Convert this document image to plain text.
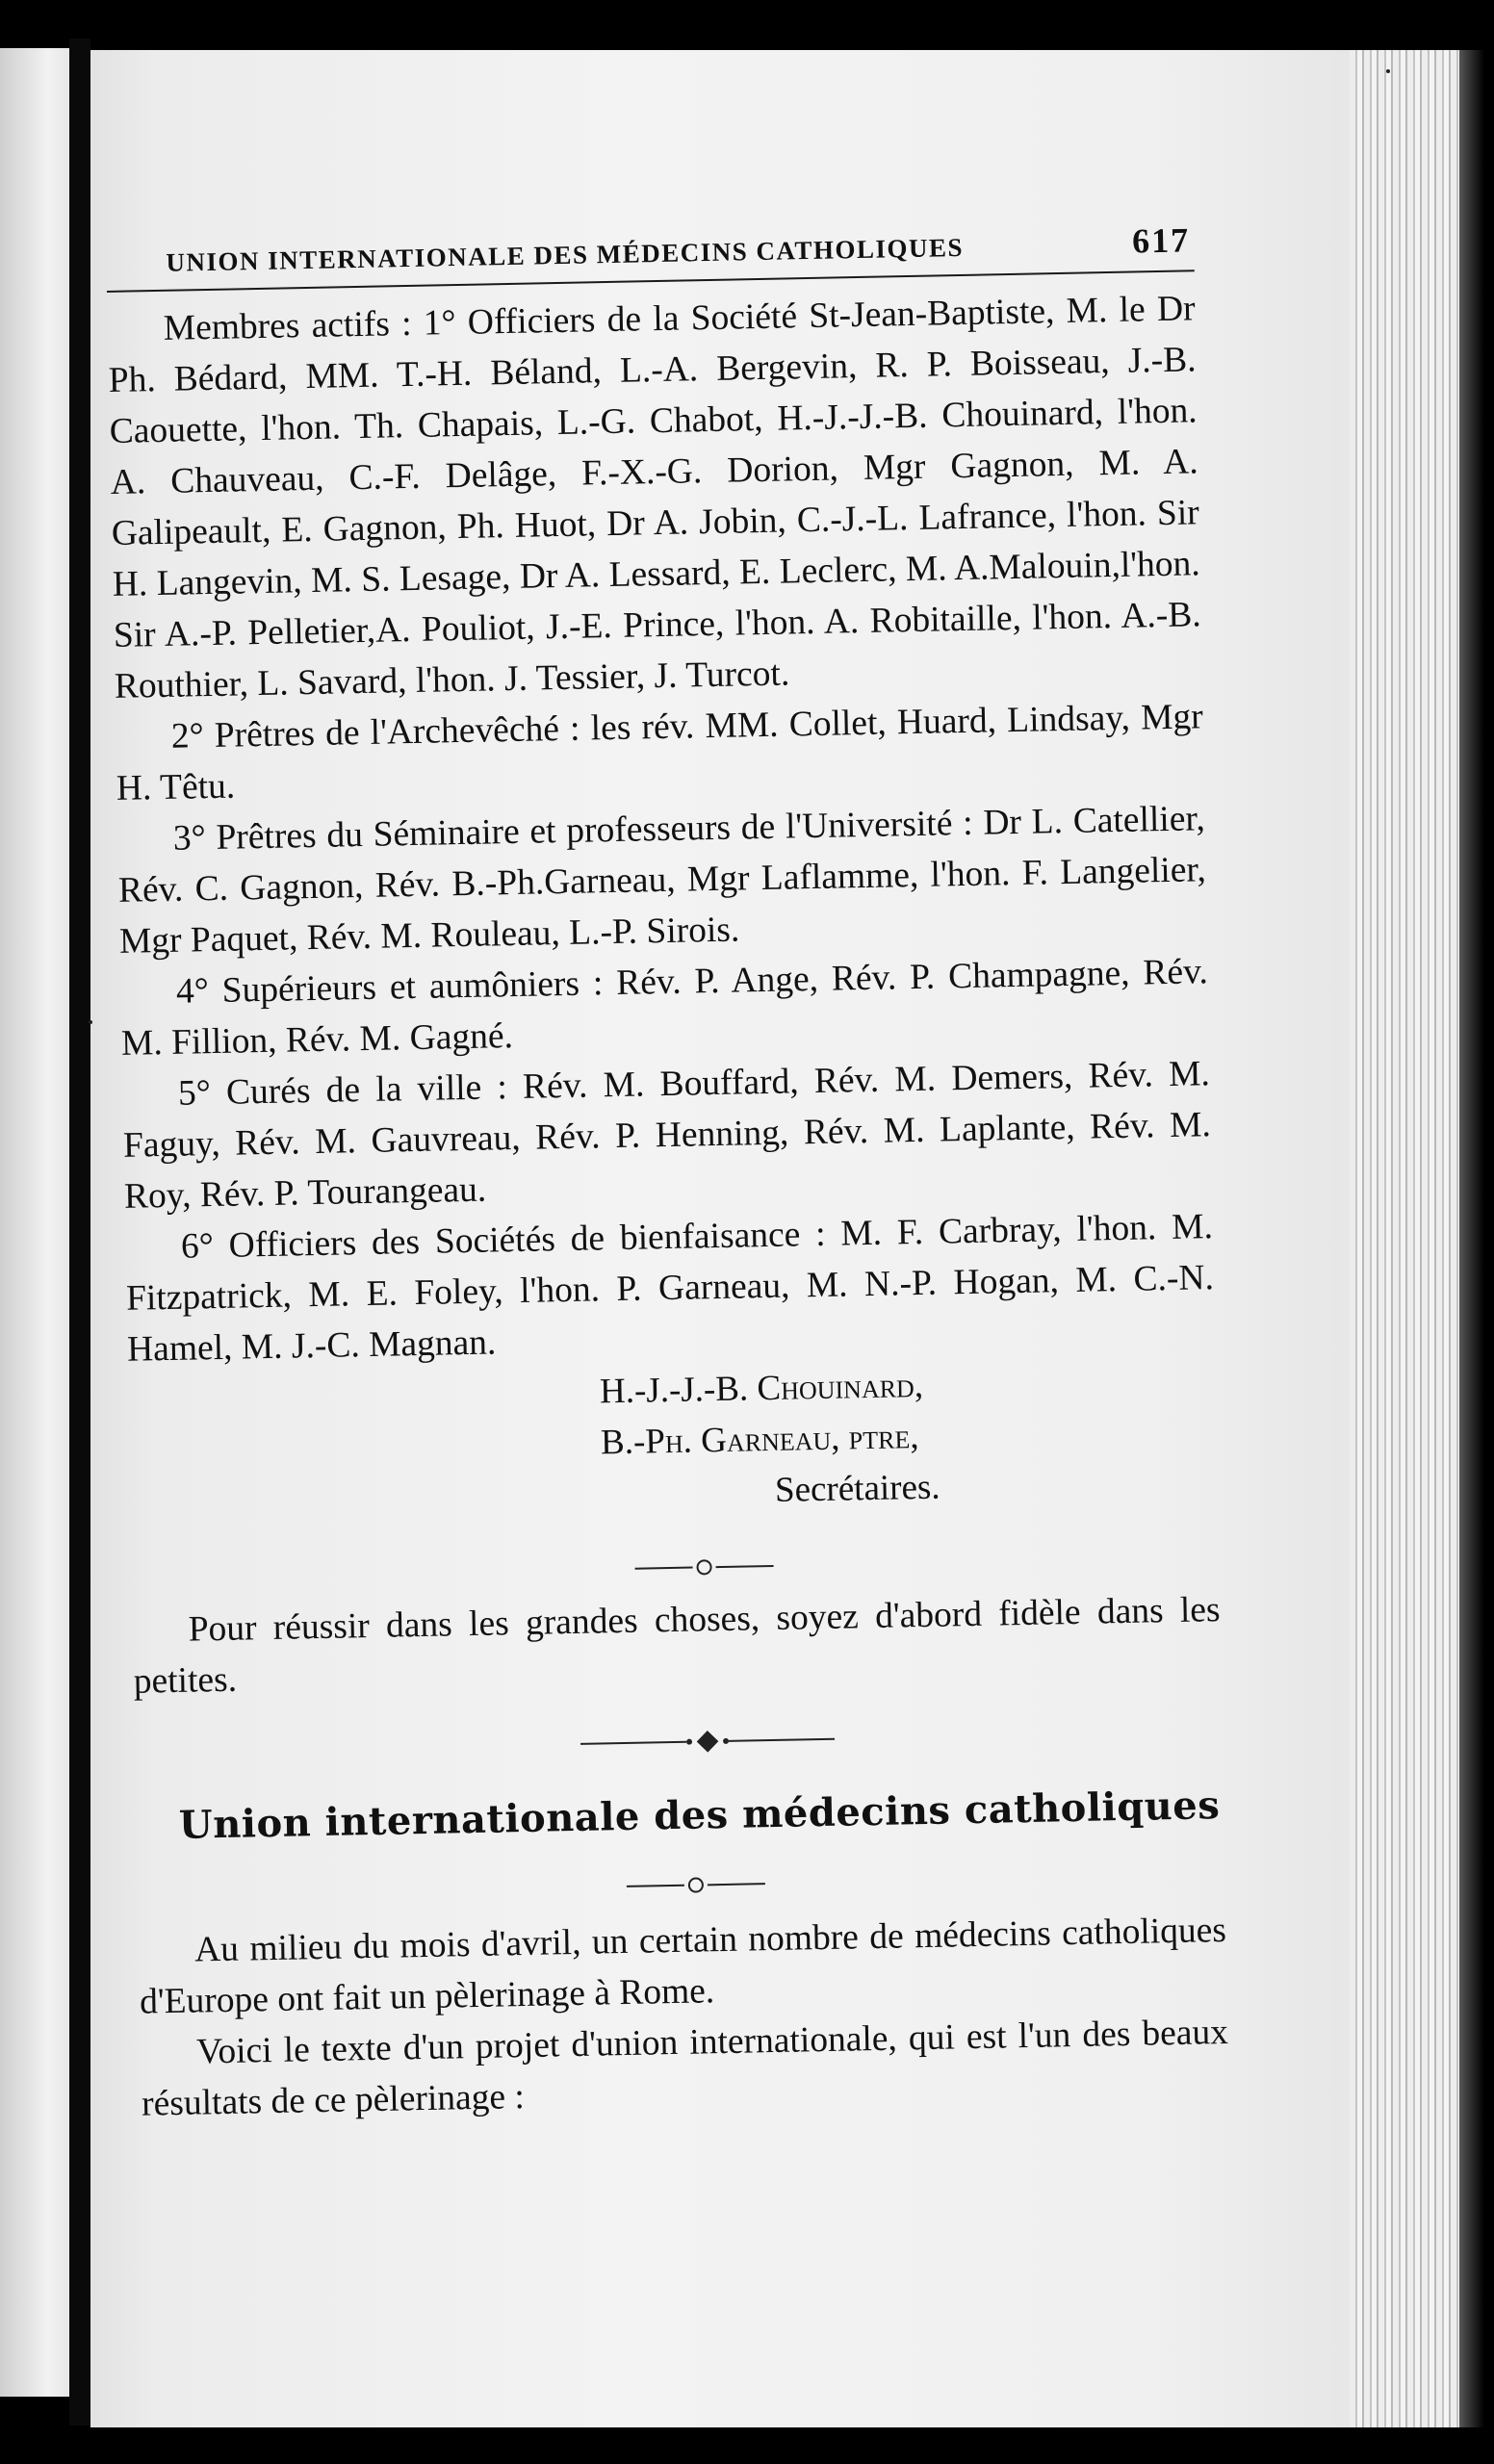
UNION INTERNATIONALE DES MÉDECINS CATHOLIQUES	617

Membres actifs : 1° Officiers de la Société St-Jean-Baptiste, M. le Dr Ph. Bédard, MM. T.-H. Béland, L.-A. Bergevin, R. P. Boisseau, J.-B. Caouette, l'hon. Th. Chapais, L.-G. Chabot, H.-J.-J.-B. Chouinard, l'hon. A. Chauveau, C.-F. Delâge, F.-X.-G. Dorion, Mgr Gagnon, M. A. Galipeault, E. Gagnon, Ph. Huot, Dr A. Jobin, C.-J.-L. Lafrance, l'hon. Sir H. Langevin, M. S. Lesage, Dr A. Lessard, E. Leclerc, M. A.Malouin,l'hon. Sir A.-P. Pelletier,A. Pouliot, J.-E. Prince, l'hon. A. Robitaille, l'hon. A.-B. Routhier, L. Savard, l'hon. J. Tessier, J. Turcot.

2° Prêtres de l'Archevêché : les rév. MM. Collet, Huard, Lindsay, Mgr H. Têtu.

3° Prêtres du Séminaire et professeurs de l'Université : Dr L. Catellier, Rév. C. Gagnon, Rév. B.-Ph.Garneau, Mgr Laflamme, l'hon. F. Langelier, Mgr Paquet, Rév. M. Rouleau, L.-P. Sirois.

4° Supérieurs et aumôniers : Rév. P. Ange, Rév. P. Champagne, Rév. M. Fillion, Rév. M. Gagné.

5° Curés de la ville : Rév. M. Bouffard, Rév. M. Demers, Rév. M. Faguy, Rév. M. Gauvreau, Rév. P. Henning, Rév. M. Laplante, Rév. M. Roy, Rév. P. Tourangeau.

6° Officiers des Sociétés de bienfaisance : M. F. Carbray, l'hon. M. Fitzpatrick, M. E. Foley, l'hon. P. Garneau, M. N.-P. Hogan, M. C.-N. Hamel, M. J.-C. Magnan.

H.-J.-J.-B. Chouinard,
B.-Ph. Garneau, ptre,
Secrétaires.

Pour réussir dans les grandes choses, soyez d'abord fidèle dans les petites.

Union internationale des médecins catholiques

Au milieu du mois d'avril, un certain nombre de médecins catholiques d'Europe ont fait un pèlerinage à Rome.

Voici le texte d'un projet d'union internationale, qui est l'un des beaux résultats de ce pèlerinage :
